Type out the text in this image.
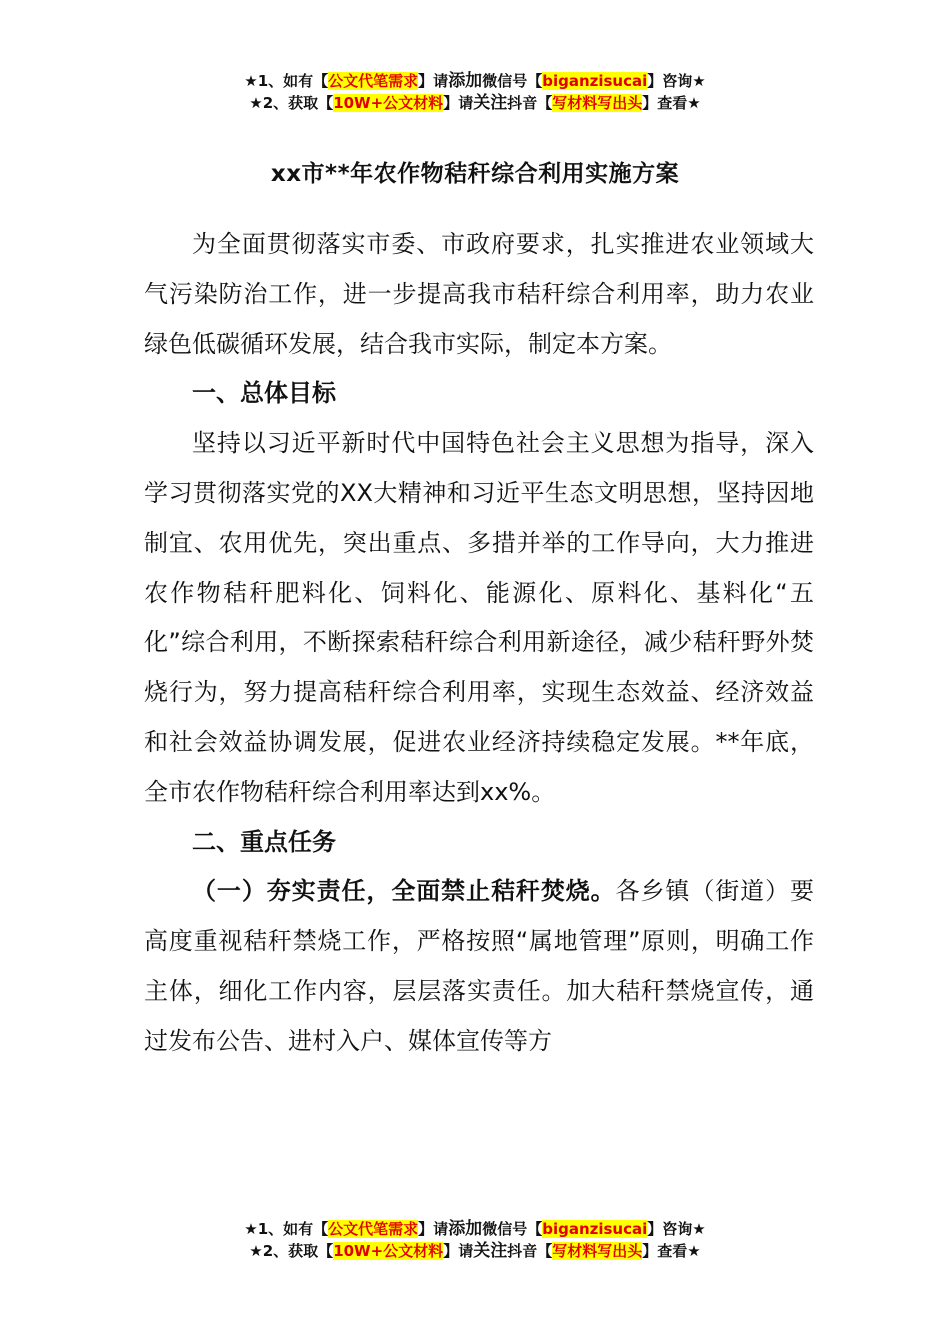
★1、如有【公文代笔需求】请添加微信号【biganzisucai】咨询★
★2、获取【10W+公文材料】请关注抖音【写材料写出头】查看★
xx市**年农作物秸秆综合利用实施方案

为全面贯彻落实市委、市政府要求，扎实推进农业领域大气污染防治工作，进一步提高我市秸秆综合利用率，助力农业绿色低碳循环发展，结合我市实际，制定本方案。

一、总体目标

坚持以习近平新时代中国特色社会主义思想为指导，深入学习贯彻落实党的XX大精神和习近平生态文明思想，坚持因地制宜、农用优先，突出重点、多措并举的工作导向，大力推进农作物秸秆肥料化、饲料化、能源化、原料化、基料化“五化”综合利用，不断探索秸秆综合利用新途径，减少秸秆野外焚烧行为，努力提高秸秆综合利用率，实现生态效益、经济效益和社会效益协调发展，促进农业经济持续稳定发展。**年底，全市农作物秸秆综合利用率达到xx%。

二、重点任务

（一）夯实责任，全面禁止秸秆焚烧。各乡镇（街道）要高度重视秸秆禁烧工作，严格按照“属地管理”原则，明确工作主体，细化工作内容，层层落实责任。加大秸秆禁烧宣传，通过发布公告、进村入户、媒体宣传等方

★1、如有【公文代笔需求】请添加微信号【biganzisucai】咨询★
★2、获取【10W+公文材料】请关注抖音【写材料写出头】查看★
